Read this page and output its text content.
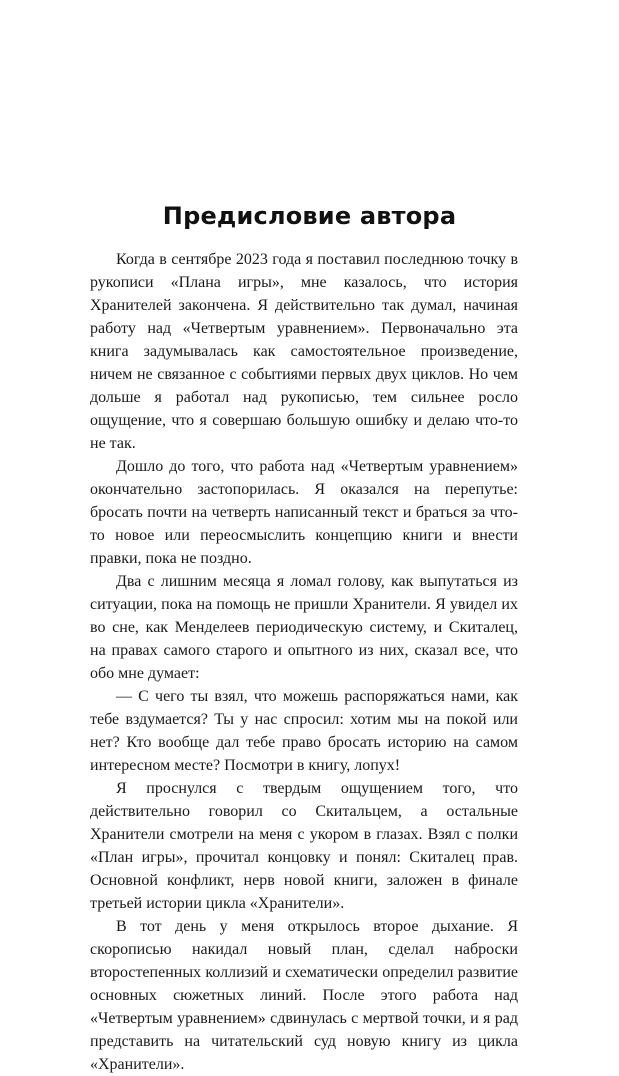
Предисловие автора

Когда в сентябре 2023 года я поставил последнюю точку в рукописи «Плана игры», мне казалось, что история Хранителей закончена. Я действительно так думал, начиная работу над «Четвертым уравнением». Первоначально эта книга задумывалась как самостоятельное произведение, ничем не связанное с событиями первых двух циклов. Но чем дольше я работал над рукописью, тем сильнее росло ощущение, что я совершаю большую ошибку и делаю что-то не так.

Дошло до того, что работа над «Четвертым уравнением» окончательно застопорилась. Я оказался на перепутье: бросать почти на четверть написанный текст и браться за что-то новое или переосмыслить концепцию книги и внести правки, пока не поздно.

Два с лишним месяца я ломал голову, как выпутаться из ситуации, пока на помощь не пришли Хранители. Я увидел их во сне, как Менделеев периодическую систему, и Скиталец, на правах самого старого и опытного из них, сказал все, что обо мне думает:

— С чего ты взял, что можешь распоряжаться нами, как тебе вздумается? Ты у нас спросил: хотим мы на покой или нет? Кто вообще дал тебе право бросать историю на самом интересном месте? Посмотри в книгу, лопух!

Я проснулся с твердым ощущением того, что действительно говорил со Скитальцем, а остальные Хранители смотрели на меня с укором в глазах. Взял с полки «План игры», прочитал концовку и понял: Скиталец прав. Основной конфликт, нерв новой книги, заложен в финале третьей истории цикла «Хранители».

В тот день у меня открылось второе дыхание. Я скорописью накидал новый план, сделал наброски второстепенных коллизий и схематически определил развитие основных сюжетных линий. После этого работа над «Четвертым уравнением» сдвинулась с мертвой точки, и я рад представить на читательский суд новую книгу из цикла «Хранители».
